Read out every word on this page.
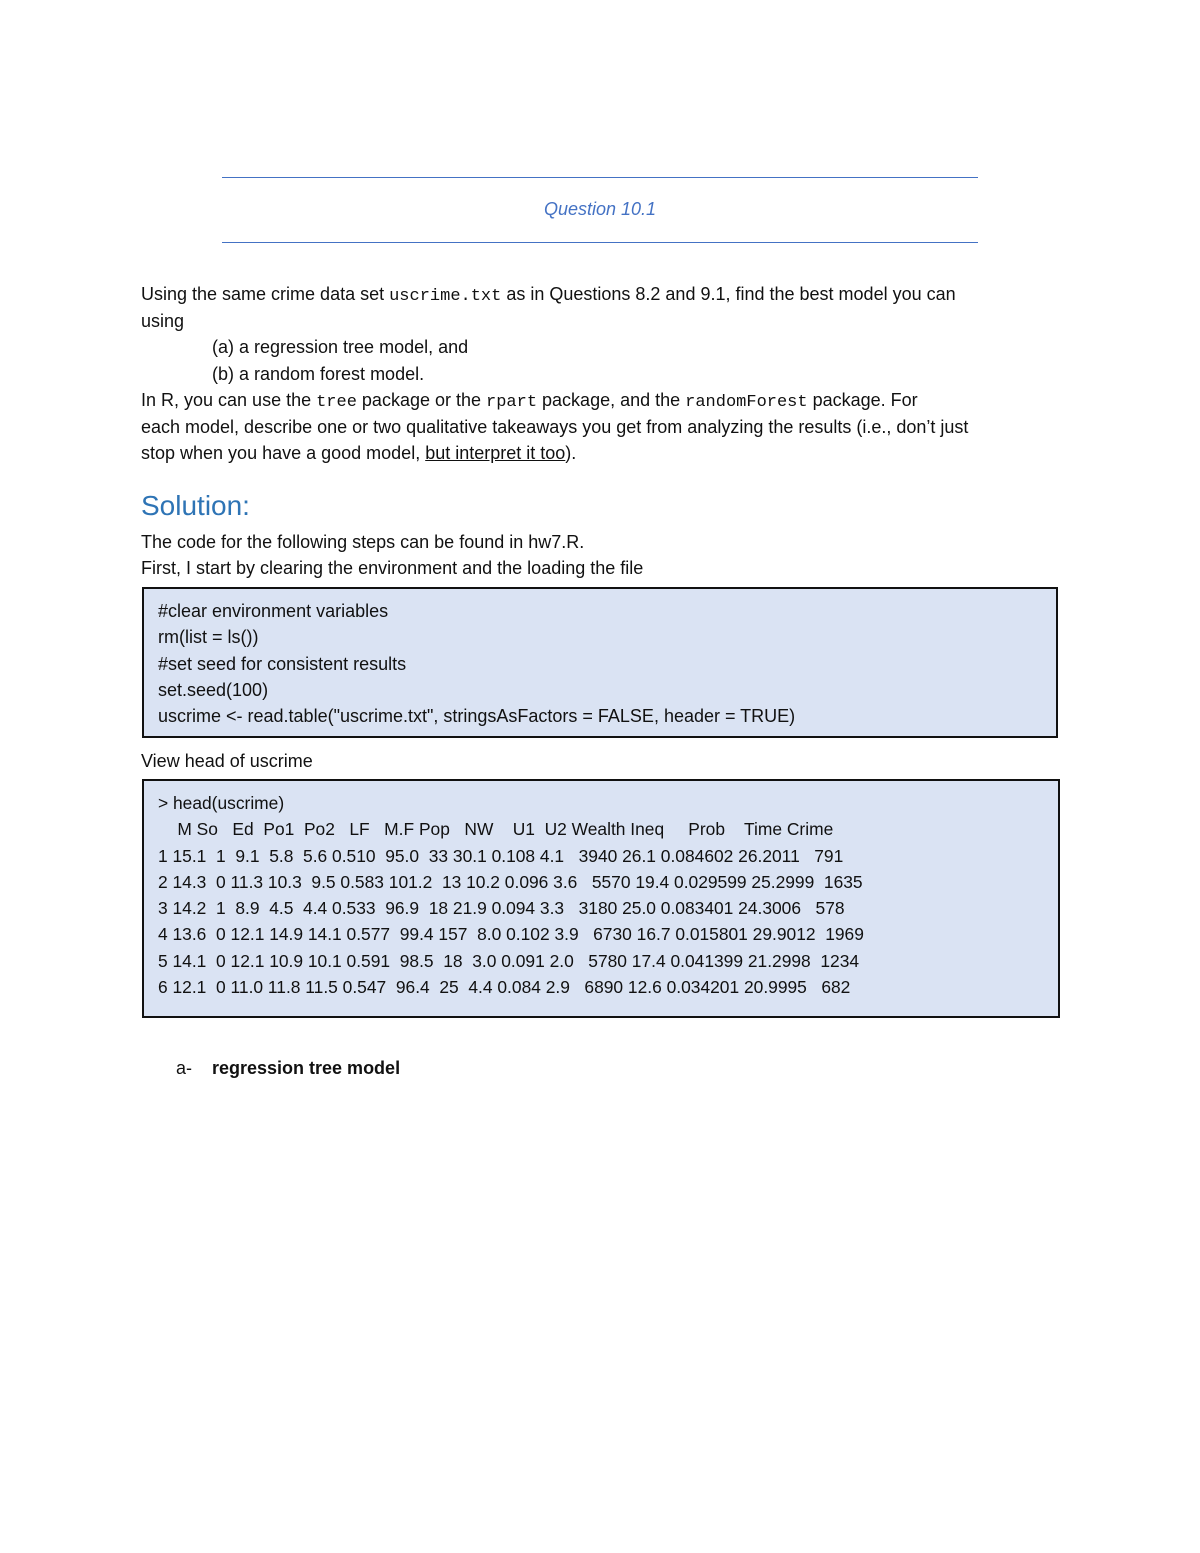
Question 10.1
Using the same crime data set uscrime.txt as in Questions 8.2 and 9.1, find the best model you can
using
(a) a regression tree model, and
(b) a random forest model.
In R, you can use the tree package or the rpart package, and the randomForest package. For
each model, describe one or two qualitative takeaways you get from analyzing the results (i.e., don’t just
stop when you have a good model, but interpret it too).
Solution:
The code for the following steps can be found in hw7.R.
First, I start by clearing the environment and the loading the file
#clear environment variables
rm(list = ls())
#set seed for consistent results
set.seed(100)
uscrime <- read.table("uscrime.txt", stringsAsFactors = FALSE, header = TRUE)
View head of uscrime
> head(uscrime)
M So   Ed  Po1  Po2   LF   M.F Pop   NW    U1  U2 Wealth Ineq     Prob    Time Crime
1 15.1  1  9.1  5.8  5.6 0.510  95.0  33 30.1 0.108 4.1   3940 26.1 0.084602 26.2011   791
2 14.3  0 11.3 10.3  9.5 0.583 101.2  13 10.2 0.096 3.6   5570 19.4 0.029599 25.2999  1635
3 14.2  1  8.9  4.5  4.4 0.533  96.9  18 21.9 0.094 3.3   3180 25.0 0.083401 24.3006   578
4 13.6  0 12.1 14.9 14.1 0.577  99.4 157  8.0 0.102 3.9   6730 16.7 0.015801 29.9012  1969
5 14.1  0 12.1 10.9 10.1 0.591  98.5  18  3.0 0.091 2.0   5780 17.4 0.041399 21.2998  1234
6 12.1  0 11.0 11.8 11.5 0.547  96.4  25  4.4 0.084 2.9   6890 12.6 0.034201 20.9995   682
a- regression tree model
